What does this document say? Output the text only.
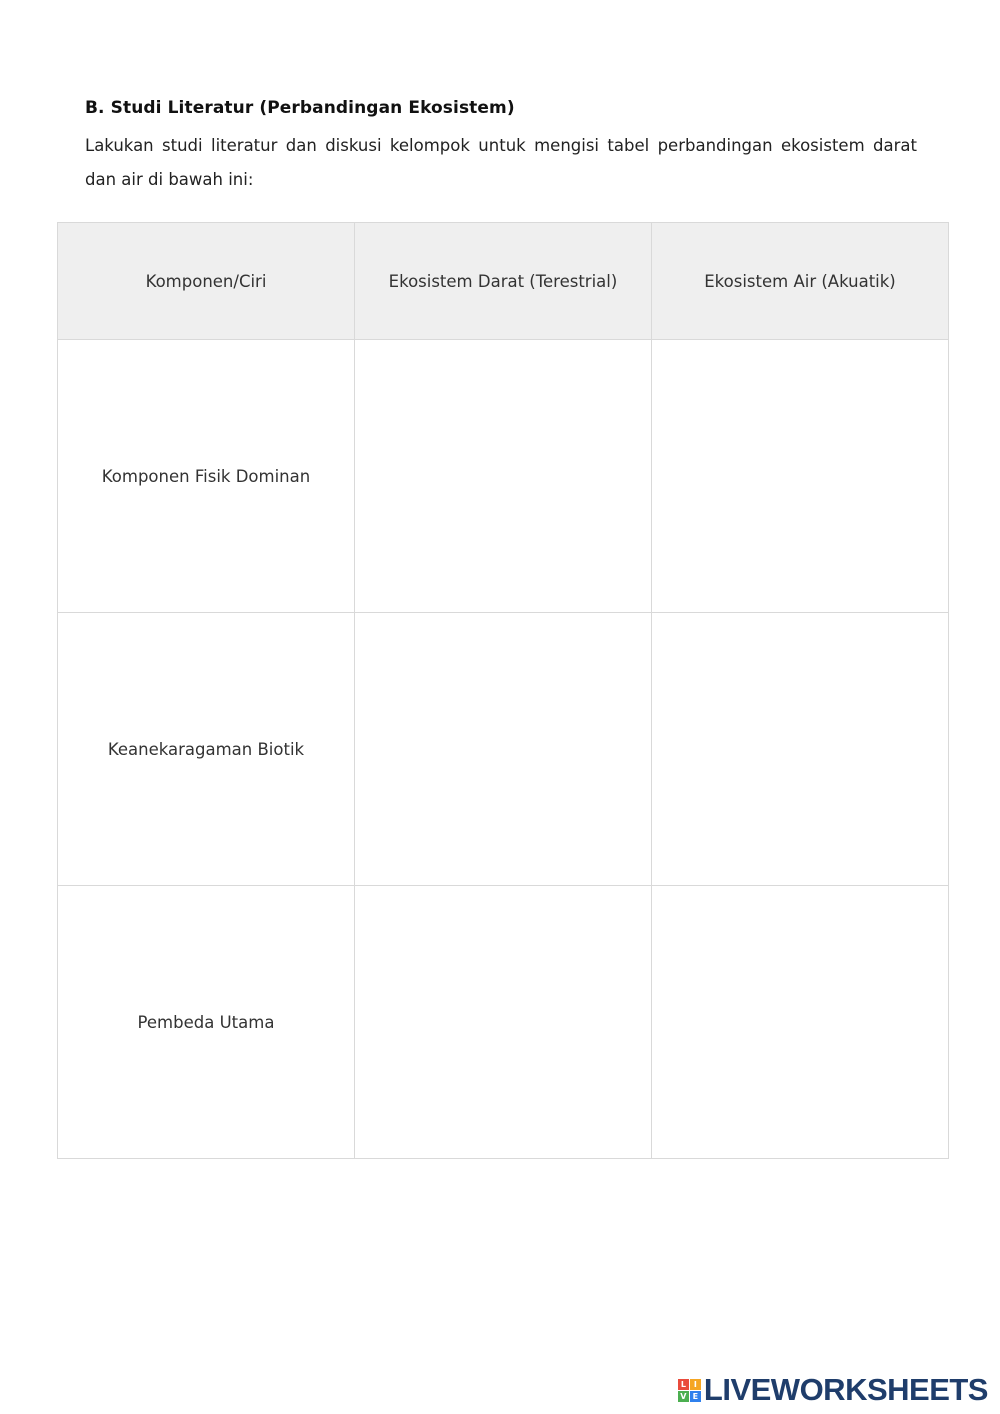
B. Studi Literatur (Perbandingan Ekosistem)
Lakukan studi literatur dan diskusi kelompok untuk mengisi tabel perbandingan ekosistem darat dan air di bawah ini:
Komponen/Ciri	Ekosistem Darat (Terestrial)	Ekosistem Air (Akuatik)
Komponen Fisik Dominan		
Keanekaragaman Biotik		
Pembeda Utama		
L I
V E LIVEWORKSHEETS
